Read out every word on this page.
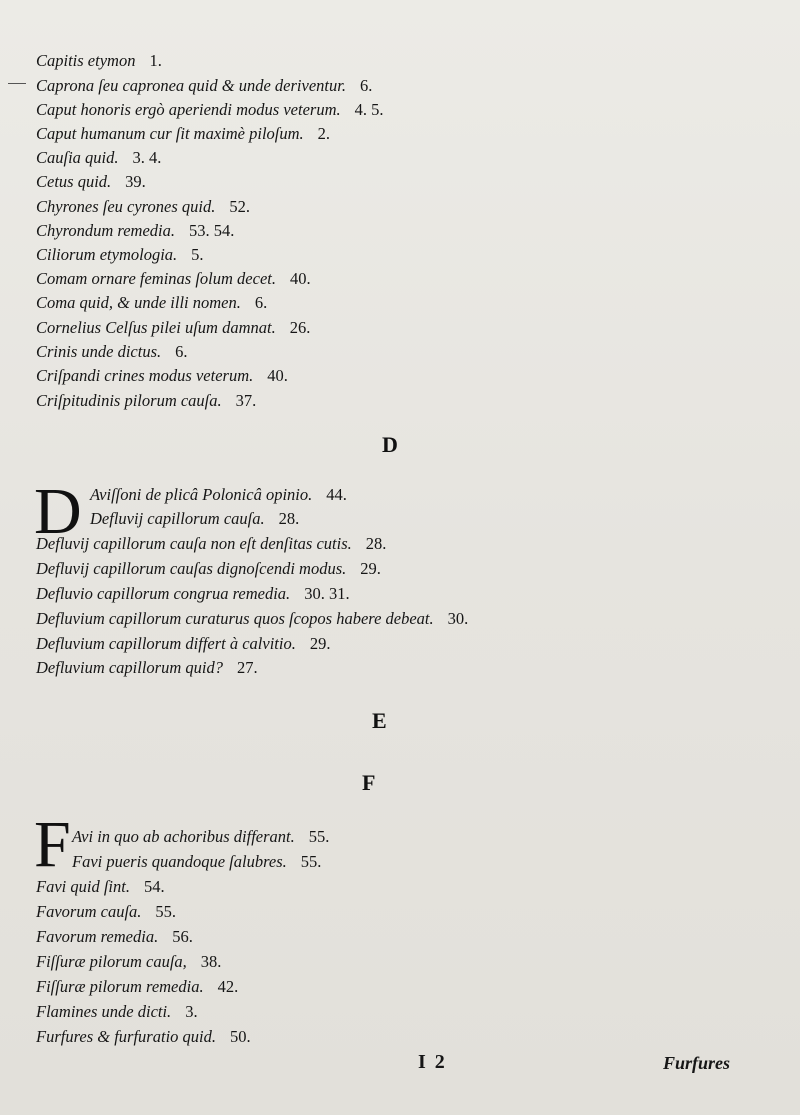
Capitis etymon 1.
Caprona ſeu capronea quid & unde deriventur. 6.
Caput honoris ergò aperiendi modus veterum. 4. 5.
Caput humanum cur ſit maximè piloſum. 2.
Cauſia quid. 3. 4.
Cetus quid. 39.
Chyrones ſeu cyrones quid. 52.
Chyrondum remedia. 53. 54.
Ciliorum etymologia. 5.
Comam ornare feminas ſolum decet. 40.
Coma quid, & unde illi nomen. 6.
Cornelius Celſus pilei uſum damnat. 26.
Crinis unde dictus. 6.
Criſpandi crines modus veterum. 40.
Criſpitudinis pilorum cauſa. 37.
D
D Aviſſoni de plicâ Polonicâ opinio. 44.
Defluvij capillorum cauſa. 28.
Defluvij capillorum cauſa non eſt denſitas cutis. 28.
Defluvij capillorum cauſas dignoſcendi modus. 29.
Defluvio capillorum congrua remedia. 30. 31.
Defluvium capillorum curaturus quos ſcopos habere debeat. 30.
Defluvium capillorum differt à calvitio. 29.
Defluvium capillorum quid? 27.
E
F
F Avi in quo ab achoribus differant. 55.
Favi pueris quandoque ſalubres. 55.
Favi quid ſint. 54.
Favorum cauſa. 55.
Favorum remedia. 56.
Fiſſuræ pilorum cauſa, 38.
Fiſſuræ pilorum remedia. 42.
Flamines unde dicti. 3.
Furfures & furfuratio quid. 50.
I 2	Furfures
